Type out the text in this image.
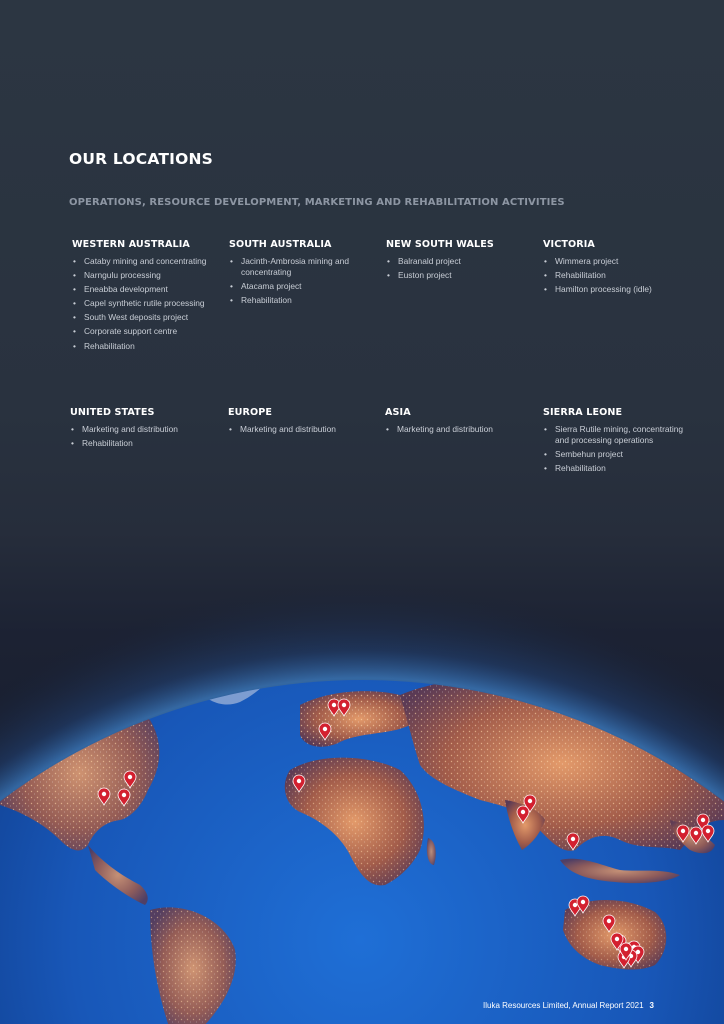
OUR LOCATIONS
OPERATIONS, RESOURCE DEVELOPMENT, MARKETING AND REHABILITATION ACTIVITIES
WESTERN AUSTRALIA
• Cataby mining and concentrating
• Narngulu processing
• Eneabba development
• Capel synthetic rutile processing
• South West deposits project
• Corporate support centre
• Rehabilitation
SOUTH AUSTRALIA
• Jacinth-Ambrosia mining and concentrating
• Atacama project
• Rehabilitation
NEW SOUTH WALES
• Balranald project
• Euston project
VICTORIA
• Wimmera project
• Rehabilitation
• Hamilton processing (idle)
UNITED STATES
• Marketing and distribution
• Rehabilitation
EUROPE
• Marketing and distribution
ASIA
• Marketing and distribution
SIERRA LEONE
• Sierra Rutile mining, concentrating and processing operations
• Sembehun project
• Rehabilitation
Iluka Resources Limited, Annual Report 2021 3
